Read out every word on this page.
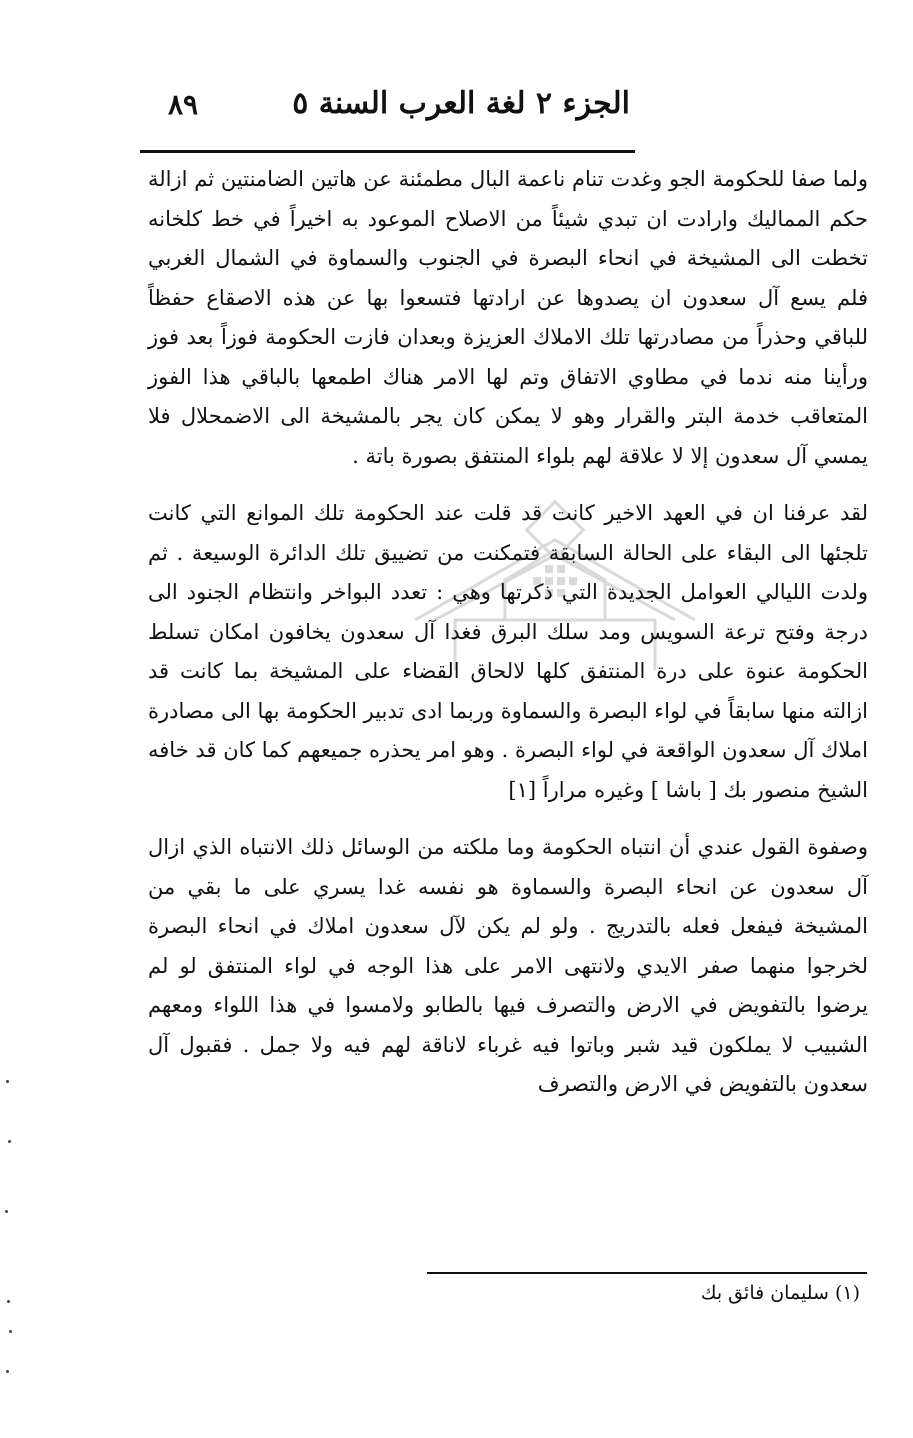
الجزء ٢ لغة العرب السنة ٥
٨٩

ولما صفا للحكومة الجو وغدت تنام ناعمة البال مطمئنة عن هاتين الضامنتين ثم ازالة حكم المماليك وارادت ان تبدي شيئاً من الاصلاح الموعود به اخيراً في خط كلخانه تخطت الى المشيخة في انحاء البصرة في الجنوب والسماوة في الشمال الغربي فلم يسع آل سعدون ان يصدوها عن ارادتها فتسعوا بها عن هذه الاصقاع حفظاً للباقي وحذراً من مصادرتها تلك الاملاك العزيزة وبعدان فازت الحكومة فوزاً بعد فوز ورأينا منه ندما في مطاوي الاتفاق وتم لها الامر هناك اطمعها بالباقي هذا الفوز المتعاقب خدمة البتر والقرار وهو لا يمكن كان يجر بالمشيخة الى الاضمحلال فلا يمسي آل سعدون إلا لا علاقة لهم بلواء المنتفق بصورة باتة .

لقد عرفنا ان في العهد الاخير كانت قد قلت عند الحكومة تلك الموانع التي كانت تلجئها الى البقاء على الحالة السابقة فتمكنت من تضييق تلك الدائرة الوسيعة . ثم ولدت الليالي العوامل الجديدة التي ذكرتها وهي : تعدد البواخر وانتظام الجنود الى درجة وفتح ترعة السويس ومد سلك البرق فغدا آل سعدون يخافون امكان تسلط الحكومة عنوة على درة المنتفق كلها لالحاق القضاء على المشيخة بما كانت قد ازالته منها سابقاً في لواء البصرة والسماوة وربما ادى تدبير الحكومة بها الى مصادرة املاك آل سعدون الواقعة في لواء البصرة . وهو امر يحذره جميعهم كما كان قد خافه الشيخ منصور بك [ باشا ] وغيره مراراً [١]

وصفوة القول عندي أن انتباه الحكومة وما ملكته من الوسائل ذلك الانتباه الذي ازال آل سعدون عن انحاء البصرة والسماوة هو نفسه غدا يسري على ما بقي من المشيخة فيفعل فعله بالتدريج . ولو لم يكن لآل سعدون املاك في انحاء البصرة لخرجوا منهما صفر الايدي ولانتهى الامر على هذا الوجه في لواء المنتفق لو لم يرضوا بالتفويض في الارض والتصرف فيها بالطابو ولامسوا في هذا اللواء ومعهم الشبيب لا يملكون قيد شبر وباتوا فيه غرباء لاناقة لهم فيه ولا جمل . فقبول آل سعدون بالتفويض في الارض والتصرف

(١) سليمان فائق بك
